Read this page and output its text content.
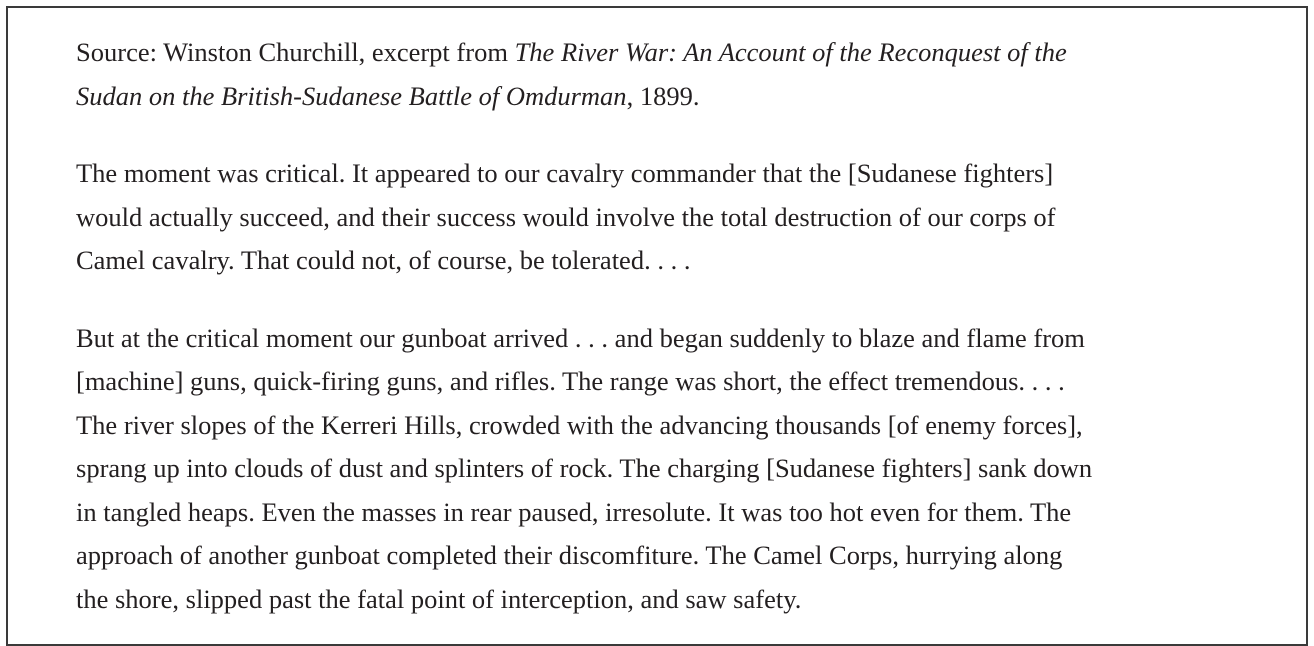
Source: Winston Churchill, excerpt from The River War: An Account of the Reconquest of the
Sudan on the British-Sudanese Battle of Omdurman, 1899.

The moment was critical. It appeared to our cavalry commander that the [Sudanese fighters]
would actually succeed, and their success would involve the total destruction of our corps of
Camel cavalry. That could not, of course, be tolerated. . . .

But at the critical moment our gunboat arrived . . . and began suddenly to blaze and flame from
[machine] guns, quick-firing guns, and rifles. The range was short, the effect tremendous. . . .
The river slopes of the Kerreri Hills, crowded with the advancing thousands [of enemy forces],
sprang up into clouds of dust and splinters of rock. The charging [Sudanese fighters] sank down
in tangled heaps. Even the masses in rear paused, irresolute. It was too hot even for them. The
approach of another gunboat completed their discomfiture. The Camel Corps, hurrying along
the shore, slipped past the fatal point of interception, and saw safety.
